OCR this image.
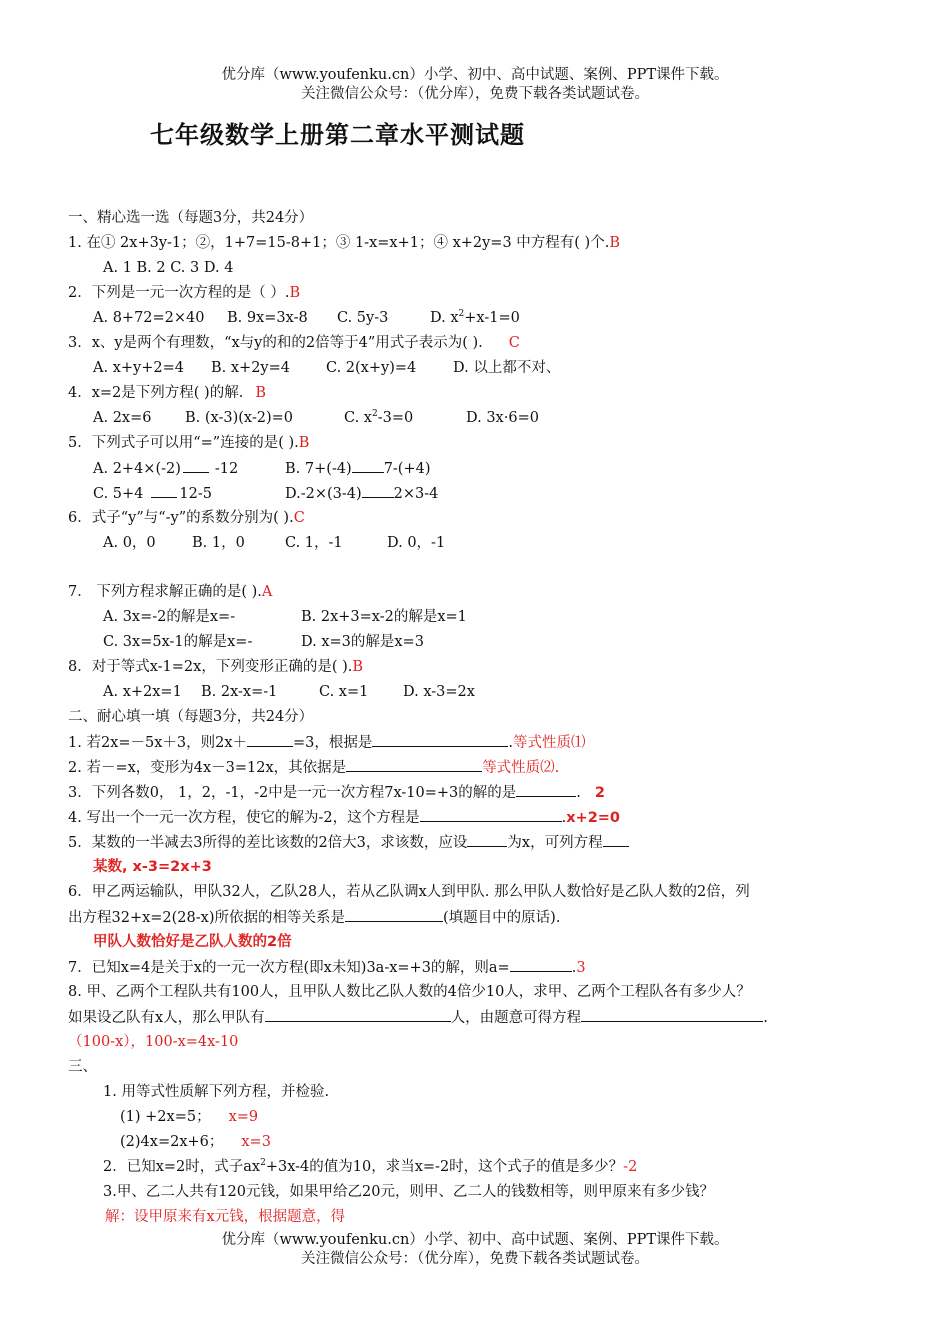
优分库（www.youfenku.cn）小学、初中、高中试题、案例、PPT课件下载。
关注微信公众号：（优分库），免费下载各类试题试卷。
七年级数学上册第二章水平测试题
一、精心选一选（每题3分，共24分）
1. 在① 2x+3y-1；②，1+7=15-8+1；③ 1-x=x+1；④ x+2y=3 中方程有( )个.B
A. 1 B. 2 C. 3 D. 4
2．下列是一元一次方程的是（ ）.B
A. 8+72=2×40 B. 9x=3x-8 C. 5y-3	D. $x^2+x-1=0$
3．x、y是两个有理数，“x与y的和的2倍等于4”用式子表示为( ). C
A. x+y+2=4 B. x+2y=4 C. 2(x+y)=4	D. 以上都不对、
4．x=2是下列方程( )的解. B
A. 2x=6 B. (x-3)(x-2)=0	C. $x^2-3=0$	D. 3x·6=0
5．下列式子可以用“=”连接的是( ).B
A. 2+4×(-2) -12	B. 7+(-4) 7-(+4)
C. 5+4 12-5	D.-2×(3-4) 2×3-4
6．式子“y”与“-y”的系数分别为( ).C
A. 0，0	B. 1，0	C. 1，-1	D. 0，-1
7． 下列方程求解正确的是( ).A
A. 3x=-2的解是x=-	B. 2x+3=x-2的解是x=1
C. 3x=5x-1的解是x=-	D. x=3的解是x=3
8．对于等式x-1=2x，下列变形正确的是( ).B
A. x+2x=1 B. 2x-x=-1	C. x=1 D. x-3=2x
二、耐心填一填（每题3分，共24分）
1. 若2x=－5x＋3，则2x＋	=3，根据是	.等式性质⑴
2. 若－=x，变形为4x－3=12x，其依据是	等式性质⑵.
3．下列各数0， 1，2，-1，-2中是一元一次方程7x-10=+3的解的是	. 2
4. 写出一个一元一次方程，使它的解为-2，这个方程是	.x+2=0
5．某数的一半减去3所得的差比该数的2倍大3，求该数，应设	为x，可列方程
某数, x-3=2x+3
6．甲乙两运输队，甲队32人，乙队28人，若从乙队调x人到甲队. 那么甲队人数恰好是乙队人数的2倍，列
出方程32+x=2(28-x)所依据的相等关系是	(填题目中的原话).
甲队人数恰好是乙队人数的2倍
7．已知x=4是关于x的一元一次方程(即x未知)3a-x=+3的解，则a=	.3
8. 甲、乙两个工程队共有100人，且甲队人数比乙队人数的4倍少10人，求甲、乙两个工程队各有多少人？
如果设乙队有x人，那么甲队有	人，由题意可得方程	.
（100-x），100-x=4x-10
三、
1. 用等式性质解下列方程，并检验.
(1) +2x=5； x=9
(2)4x=2x+6； x=3
2．已知x=2时，式子$ax^2+3x-4$的值为10，求当x=-2时，这个式子的值是多少？-2
3.甲、乙二人共有120元钱，如果甲给乙20元，则甲、乙二人的钱数相等，则甲原来有多少钱？
解：设甲原来有x元钱，根据题意，得
优分库（www.youfenku.cn）小学、初中、高中试题、案例、PPT课件下载。
关注微信公众号：（优分库），免费下载各类试题试卷。
